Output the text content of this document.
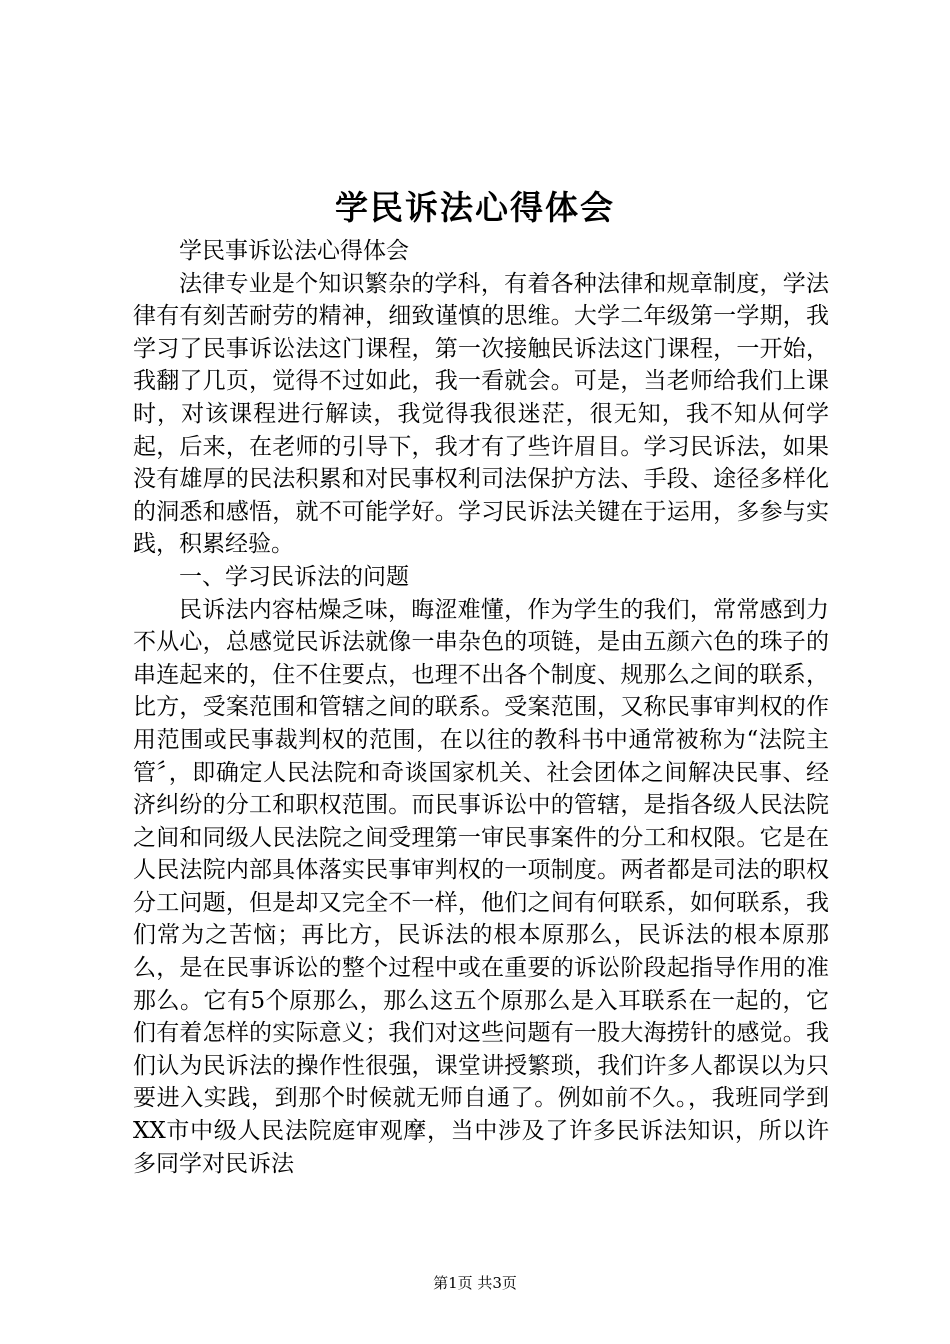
学民诉法心得体会

学民事诉讼法心得体会

法律专业是个知识繁杂的学科，有着各种法律和规章制度，学法律有有刻苦耐劳的精神，细致谨慎的思维。大学二年级第一学期，我学习了民事诉讼法这门课程，第一次接触民诉法这门课程，一开始，我翻了几页，觉得不过如此，我一看就会。可是，当老师给我们上课时，对该课程进行解读，我觉得我很迷茫，很无知，我不知从何学起，后来，在老师的引导下，我才有了些许眉目。学习民诉法，如果没有雄厚的民法积累和对民事权利司法保护方法、手段、途径多样化的洞悉和感悟，就不可能学好。学习民诉法关键在于运用，多参与实践，积累经验。

一、学习民诉法的问题

民诉法内容枯燥乏味，晦涩难懂，作为学生的我们，常常感到力不从心，总感觉民诉法就像一串杂色的项链，是由五颜六色的珠子的串连起来的，住不住要点，也理不出各个制度、规那么之间的联系，比方，受案范围和管辖之间的联系。受案范围，又称民事审判权的作用范围或民事裁判权的范围，在以往的教科书中通常被称为“法院主管〞，即确定人民法院和奇谈国家机关、社会团体之间解决民事、经济纠纷的分工和职权范围。而民事诉讼中的管辖，是指各级人民法院之间和同级人民法院之间受理第一审民事案件的分工和权限。它是在人民法院内部具体落实民事审判权的一项制度。两者都是司法的职权分工问题，但是却又完全不一样，他们之间有何联系，如何联系，我们常为之苦恼；再比方，民诉法的根本原那么，民诉法的根本原那么，是在民事诉讼的整个过程中或在重要的诉讼阶段起指导作用的准那么。它有5个原那么，那么这五个原那么是入耳联系在一起的，它们有着怎样的实际意义；我们对这些问题有一股大海捞针的感觉。我们认为民诉法的操作性很强，课堂讲授繁琐，我们许多人都误以为只要进入实践，到那个时候就无师自通了。例如前不久。，我班同学到XX市中级人民法院庭审观摩，当中涉及了许多民诉法知识，所以许多同学对民诉法

第1页 共3页
